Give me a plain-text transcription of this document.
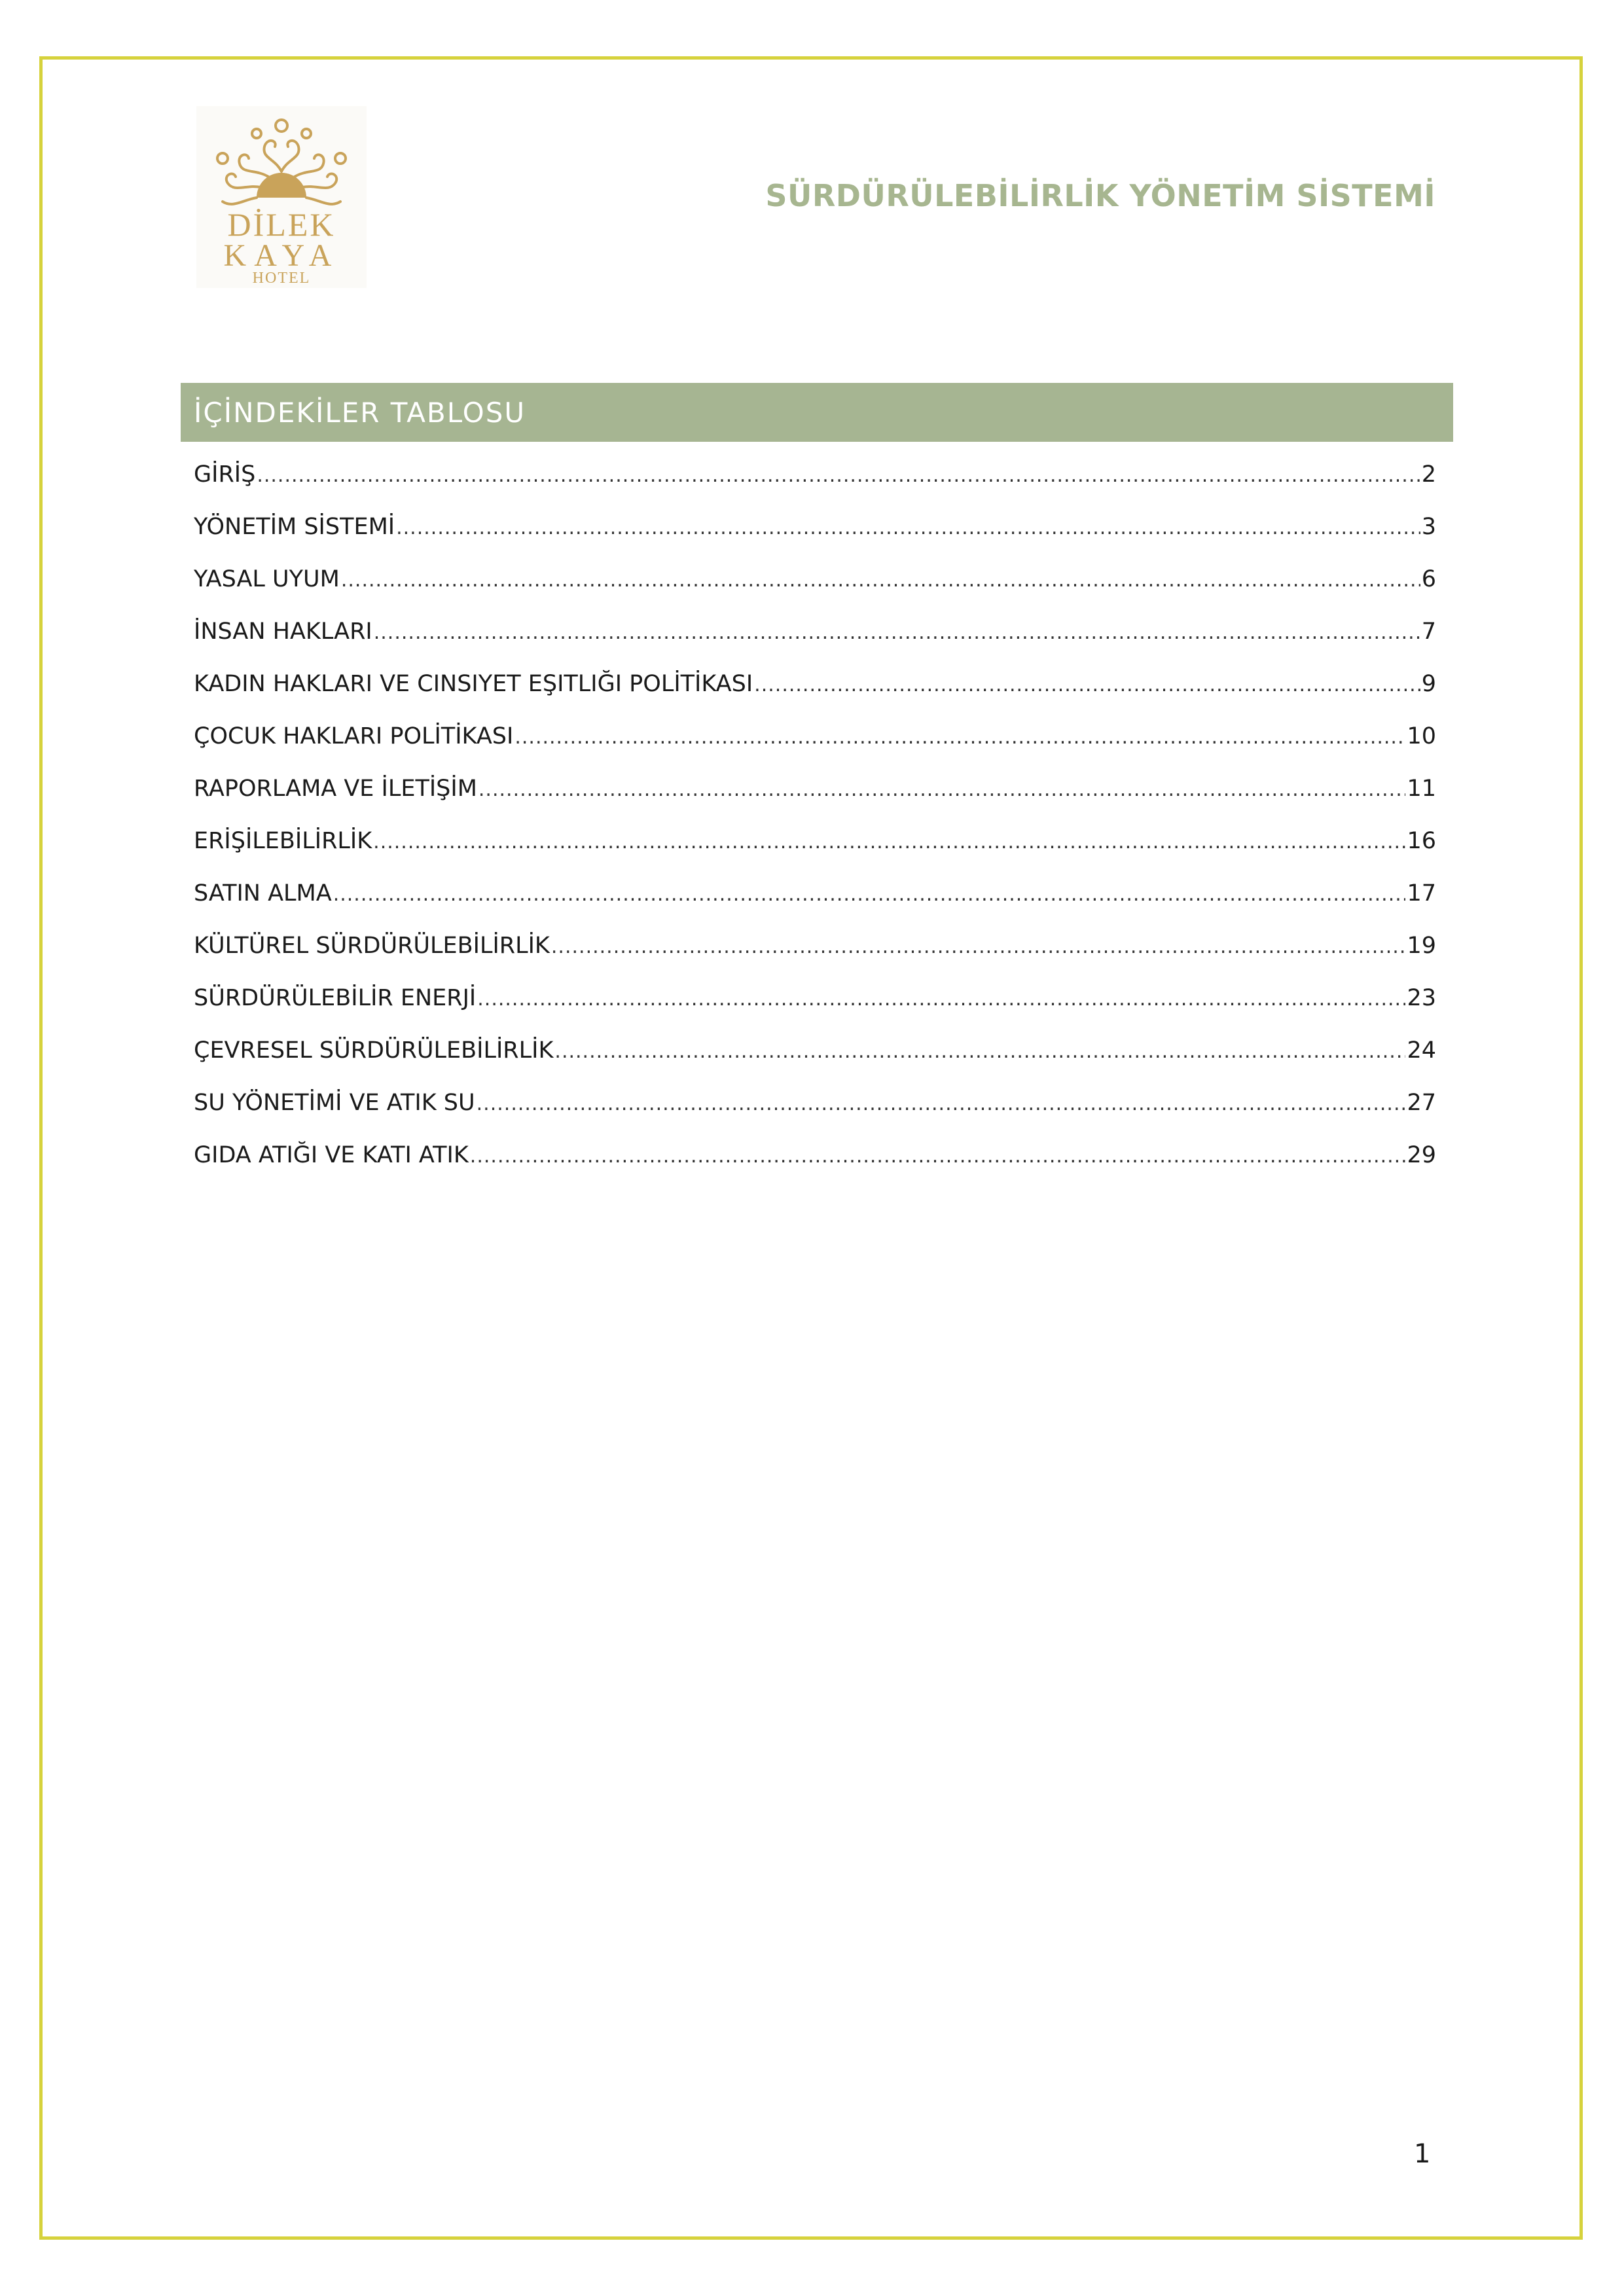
DİLEK
KAYA
HOTEL
SÜRDÜRÜLEBİLİRLİK YÖNETİM SİSTEMİ
İÇİNDEKİLER TABLOSU
GİRİŞ .....	2
YÖNETİM SİSTEMİ .....	3
YASAL UYUM .....	6
İNSAN HAKLARI .....	7
KADIN HAKLARI VE CINSIYET EŞITLIĞI POLİTİKASI .....	9
ÇOCUK HAKLARI POLİTİKASI .....	10
RAPORLAMA VE İLETİŞİM .....	11
ERİŞİLEBİLİRLİK .....	16
SATIN ALMA .....	17
KÜLTÜREL SÜRDÜRÜLEBİLİRLİK .....	19
SÜRDÜRÜLEBİLİR ENERJİ .....	23
ÇEVRESEL SÜRDÜRÜLEBİLİRLİK .....	24
SU YÖNETİMİ VE ATIK SU .....	27
GIDA ATIĞI VE KATI ATIK .....	29
1
